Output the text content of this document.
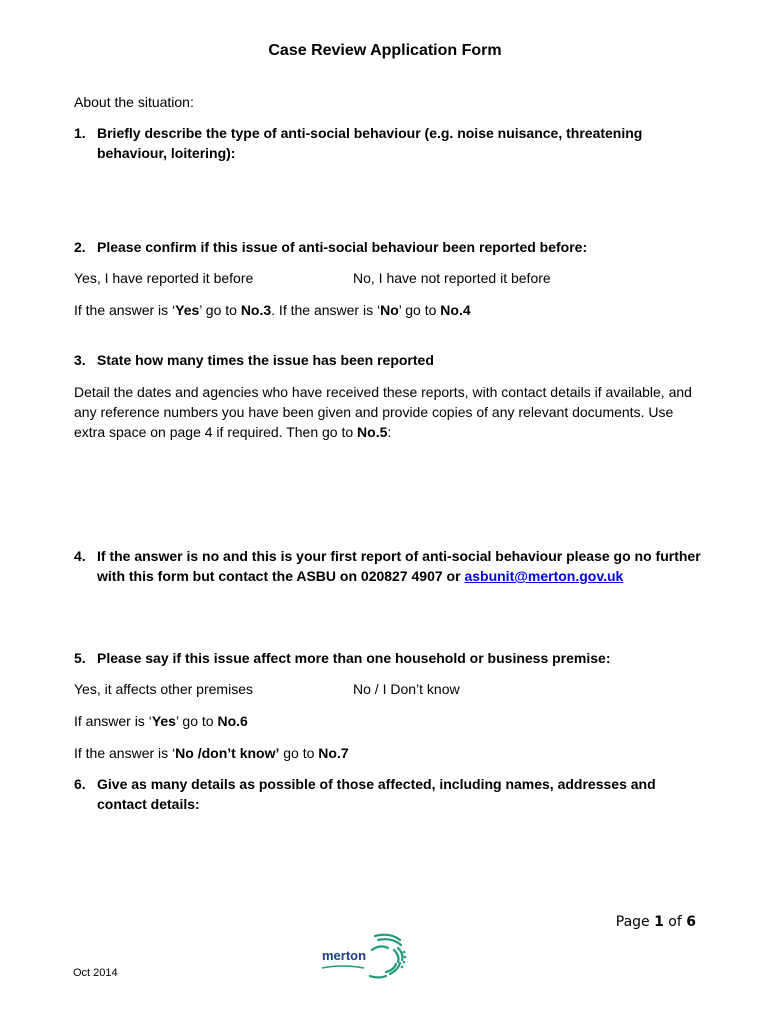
Case Review Application Form
About the situation:
1. Briefly describe the type of anti-social behaviour (e.g. noise nuisance, threatening behaviour, loitering):
2. Please confirm if this issue of anti-social behaviour been reported before:
Yes, I have reported it before	No, I have not reported it before
If the answer is ‘Yes’ go to No.3. If the answer is ‘No’ go to No.4
3. State how many times the issue has been reported
Detail the dates and agencies who have received these reports, with contact details if available, and any reference numbers you have been given and provide copies of any relevant documents. Use extra space on page 4 if required. Then go to No.5:
4. If the answer is no and this is your first report of anti-social behaviour please go no further with this form but contact the ASBU on 020827 4907 or asbunit@merton.gov.uk
5. Please say if this issue affect more than one household or business premise:
Yes, it affects other premises	No / I Don’t know
If answer is ‘Yes’ go to No.6
If the answer is ‘No /don’t know’ go to No.7
6. Give as many details as possible of those affected, including names, addresses and contact details:
Page 1 of 6
merton
Oct 2014
